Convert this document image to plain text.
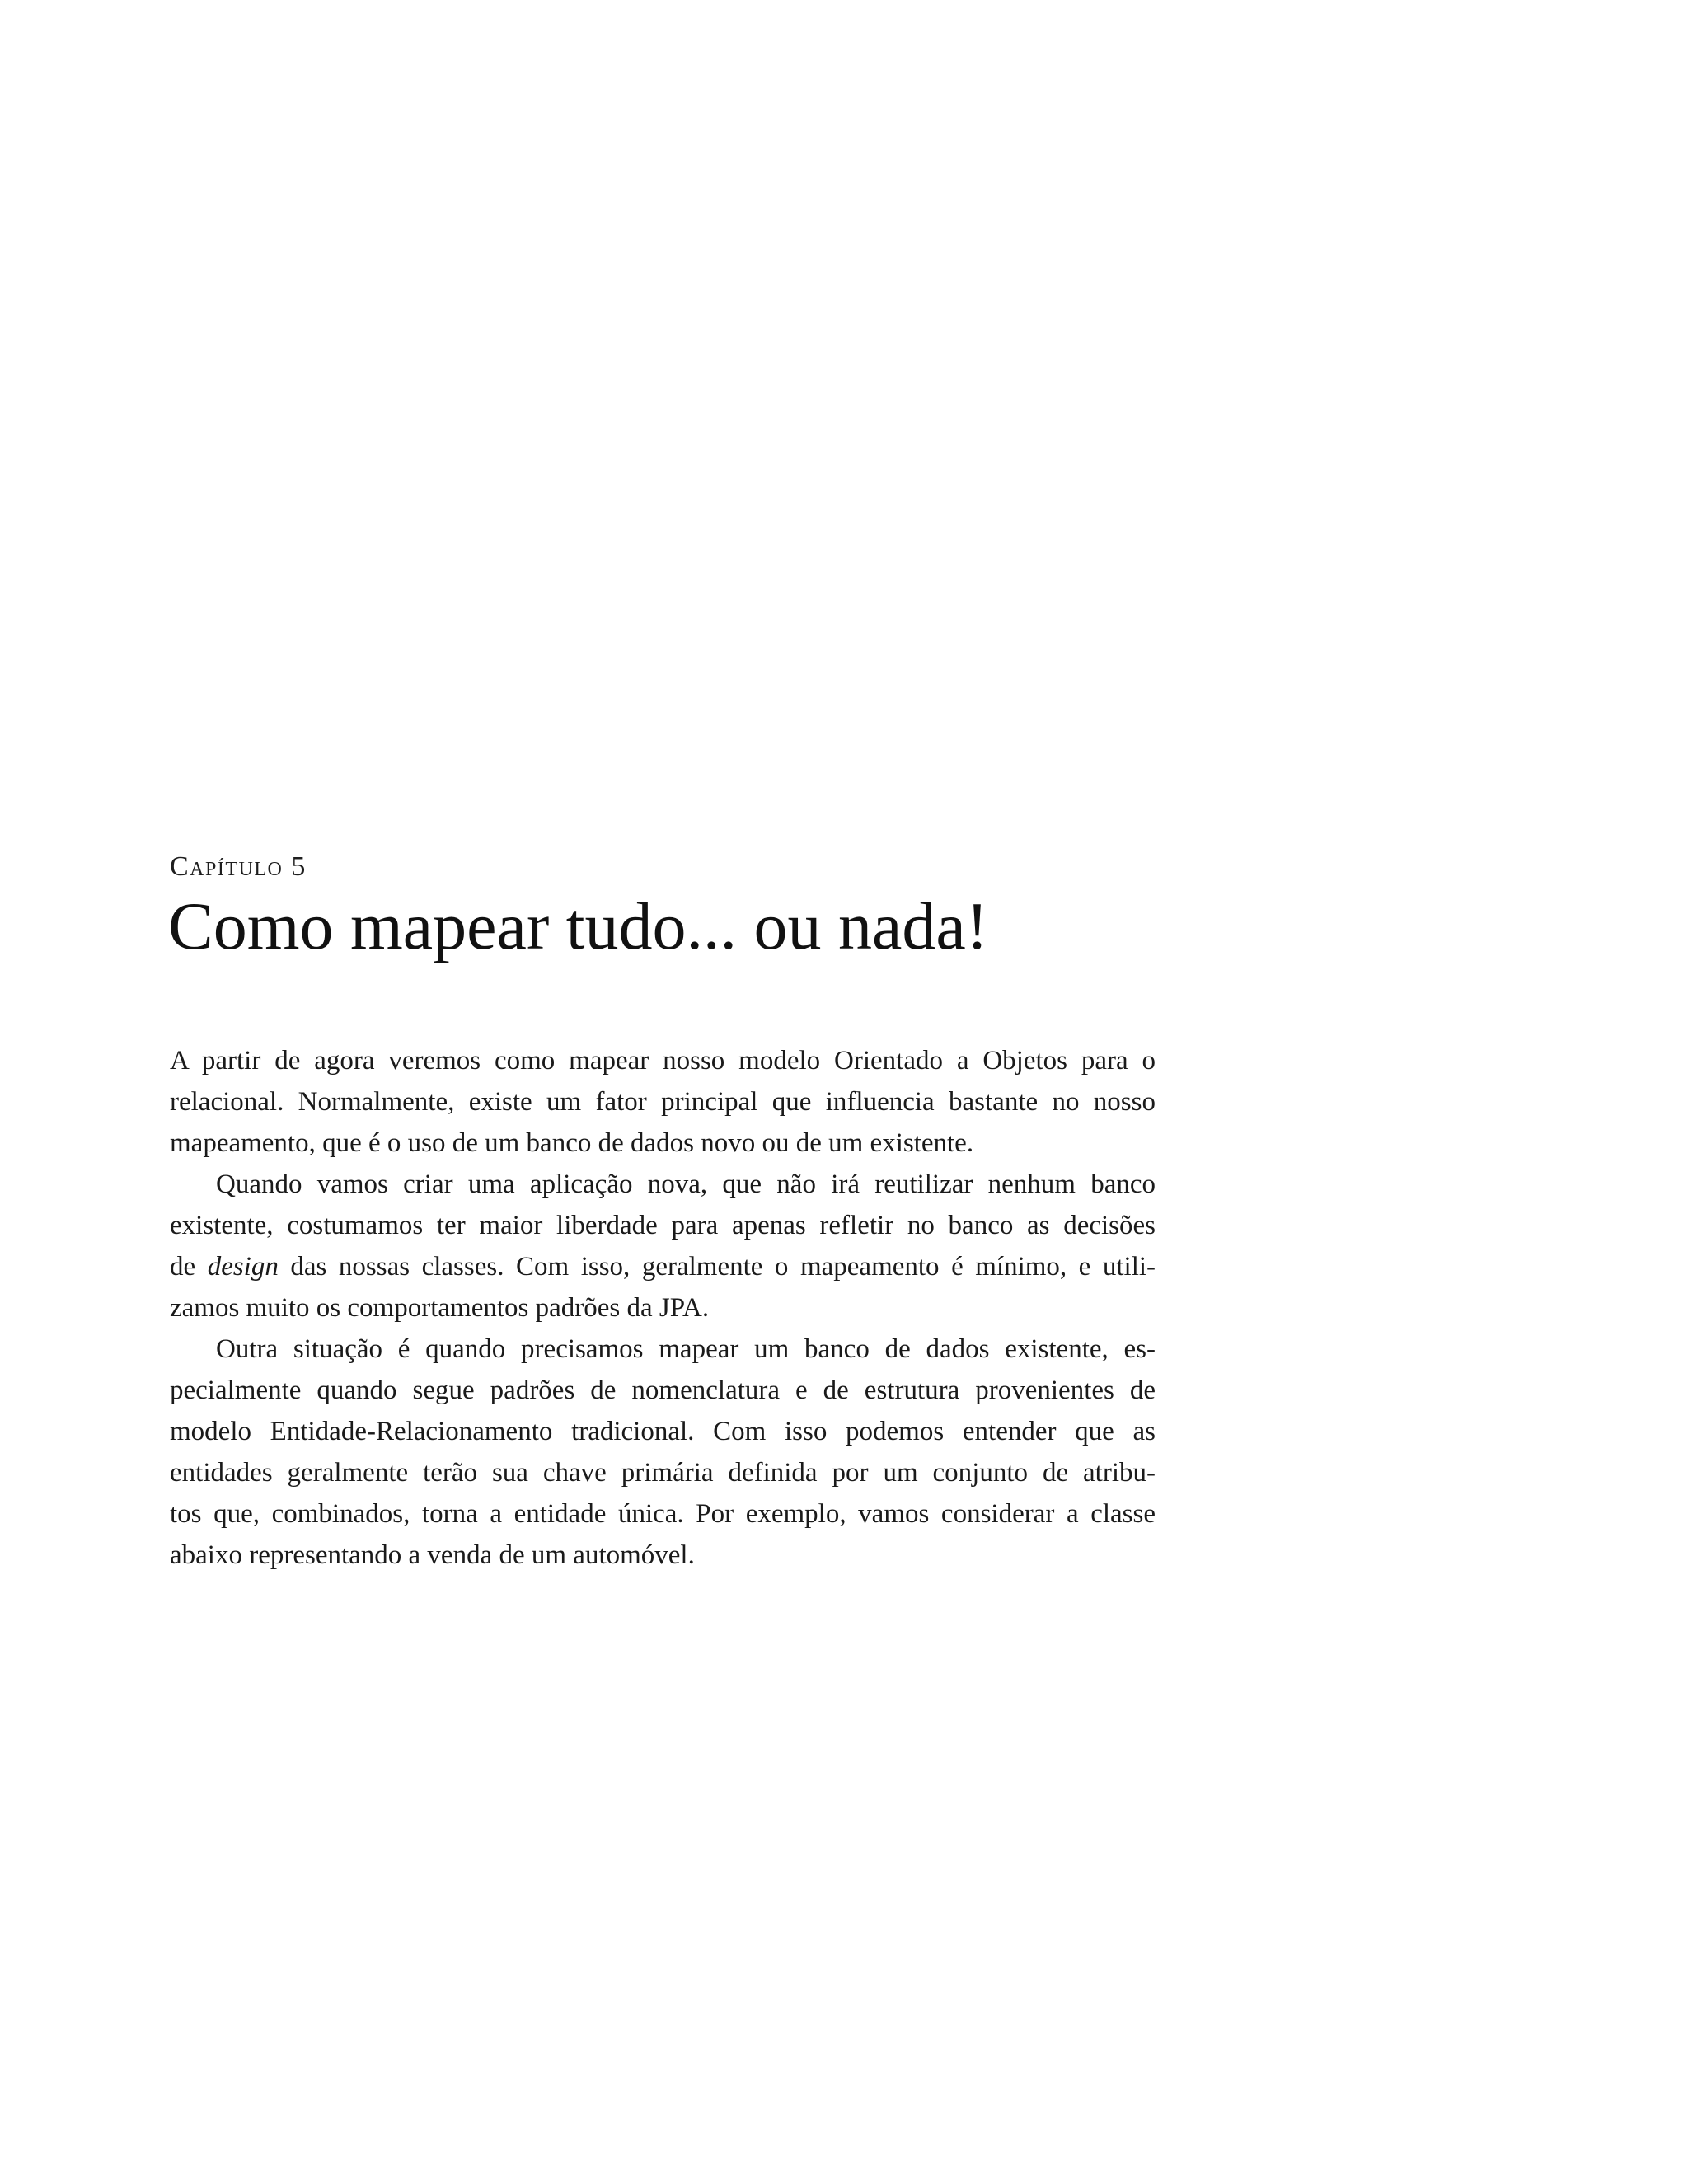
Capítulo 5
Como mapear tudo... ou nada!
A partir de agora veremos como mapear nosso modelo Orientado a Objetos para o
relacional. Normalmente, existe um fator principal que influencia bastante no nosso
mapeamento, que é o uso de um banco de dados novo ou de um existente.
Quando vamos criar uma aplicação nova, que não irá reutilizar nenhum banco
existente, costumamos ter maior liberdade para apenas refletir no banco as decisões
de design das nossas classes. Com isso, geralmente o mapeamento é mínimo, e utili-
zamos muito os comportamentos padrões da JPA.
Outra situação é quando precisamos mapear um banco de dados existente, es-
pecialmente quando segue padrões de nomenclatura e de estrutura provenientes de
modelo Entidade-Relacionamento tradicional. Com isso podemos entender que as
entidades geralmente terão sua chave primária definida por um conjunto de atribu-
tos que, combinados, torna a entidade única. Por exemplo, vamos considerar a classe
abaixo representando a venda de um automóvel.
